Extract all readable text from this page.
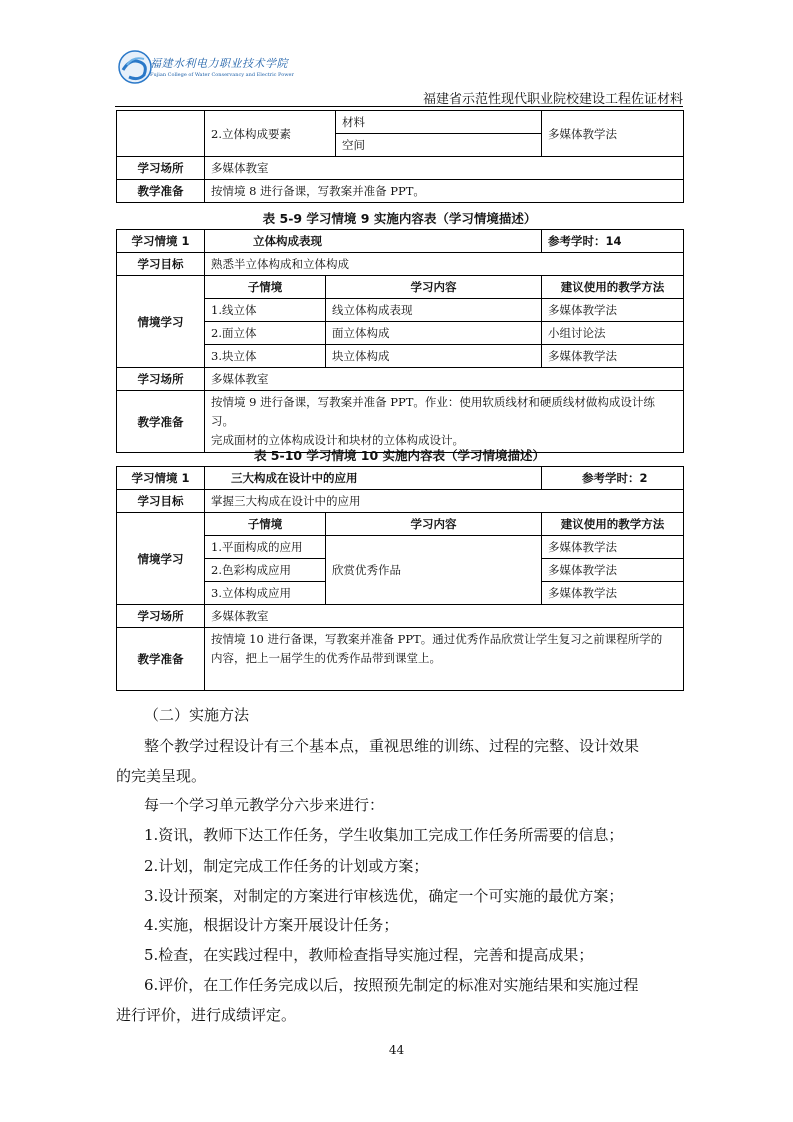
福建水利电力职业技术学院
Fujian College of Water Conservancy and Electric Power
福建省示范性现代职业院校建设工程佐证材料
	2.立体构成要素	材料	多媒体教学法
		空间	
学习场所	多媒体教室		
教学准备	按情境 8 进行备课，写教案并准备 PPT。		
表 5-9 学习情境 9 实施内容表（学习情境描述）
学习情境 1	立体构成表现		参考学时：14
学习目标	熟悉半立体构成和立体构成		
情境学习	子情境	学习内容	建议使用的教学方法
	1.线立体	线立体构成表现	多媒体教学法
	2.面立体	面立体构成	小组讨论法
	3.块立体	块立体构成	多媒体教学法
学习场所	多媒体教室		
教学准备	按情境 9 进行备课，写教案并准备 PPT。作业：使用软质线材和硬质线材做构成设计练习。
完成面材的立体构成设计和块材的立体构成设计。		
表 5-10 学习情境 10 实施内容表（学习情境描述）
学习情境 1	三大构成在设计中的应用		参考学时：2
学习目标	掌握三大构成在设计中的应用		
情境学习	子情境	学习内容	建议使用的教学方法
	1.平面构成的应用	欣赏优秀作品	多媒体教学法
	2.色彩构成应用		多媒体教学法
	3.立体构成应用		多媒体教学法
学习场所	多媒体教室		
教学准备	按情境 10 进行备课，写教案并准备 PPT。通过优秀作品欣赏让学生复习之前课程所学的
内容，把上一届学生的优秀作品带到课堂上。		
（二）实施方法
整个教学过程设计有三个基本点，重视思维的训练、过程的完整、设计效果
的完美呈现。
每一个学习单元教学分六步来进行：
1.资讯，教师下达工作任务，学生收集加工完成工作任务所需要的信息；
2.计划，制定完成工作任务的计划或方案；
3.设计预案，对制定的方案进行审核选优，确定一个可实施的最优方案；
4.实施，根据设计方案开展设计任务；
5.检查，在实践过程中，教师检查指导实施过程，完善和提高成果；
6.评价，在工作任务完成以后，按照预先制定的标准对实施结果和实施过程
进行评价，进行成绩评定。
44
